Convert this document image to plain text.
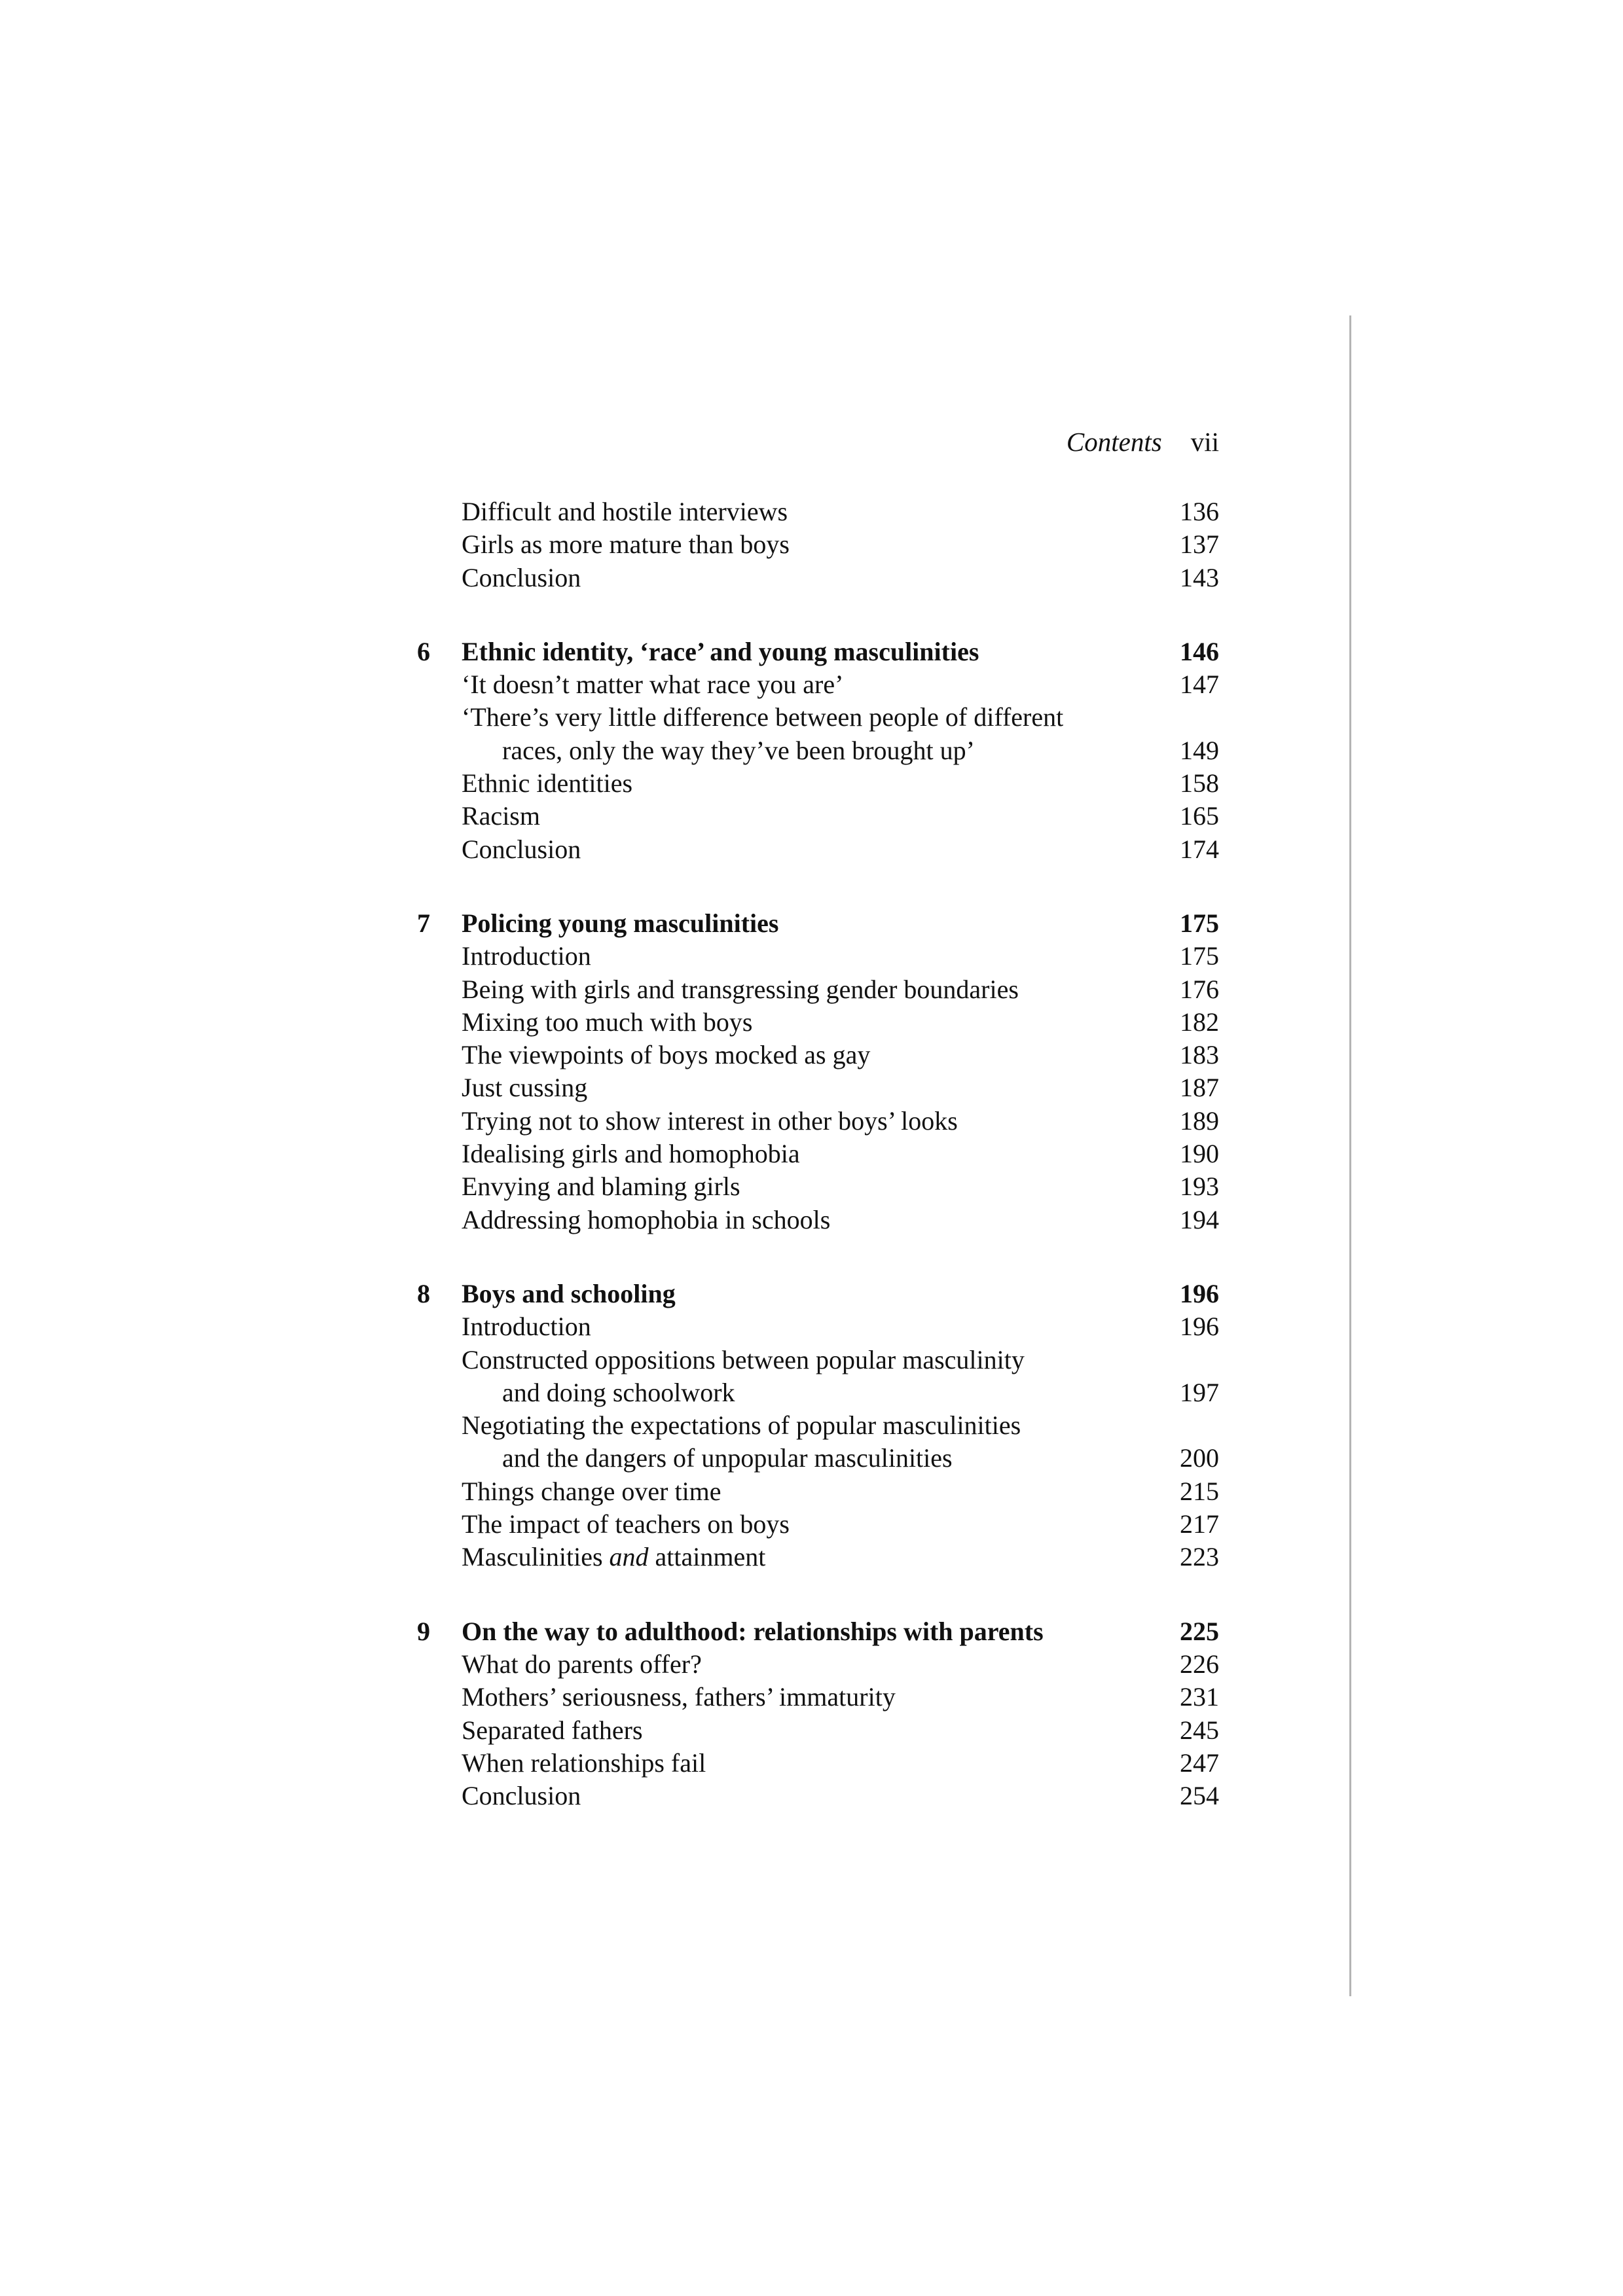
Contents vii
Difficult and hostile interviews	136
Girls as more mature than boys	137
Conclusion	143
6 Ethnic identity, ‘race’ and young masculinities	146
‘It doesn’t matter what race you are’	147
‘There’s very little difference between people of different
races, only the way they’ve been brought up’	149
Ethnic identities	158
Racism	165
Conclusion	174
7 Policing young masculinities	175
Introduction	175
Being with girls and transgressing gender boundaries	176
Mixing too much with boys	182
The viewpoints of boys mocked as gay	183
Just cussing	187
Trying not to show interest in other boys’ looks	189
Idealising girls and homophobia	190
Envying and blaming girls	193
Addressing homophobia in schools	194
8 Boys and schooling	196
Introduction	196
Constructed oppositions between popular masculinity
and doing schoolwork	197
Negotiating the expectations of popular masculinities
and the dangers of unpopular masculinities	200
Things change over time	215
The impact of teachers on boys	217
Masculinities and attainment	223
9 On the way to adulthood: relationships with parents	225
What do parents offer?	226
Mothers’ seriousness, fathers’ immaturity	231
Separated fathers	245
When relationships fail	247
Conclusion	254
